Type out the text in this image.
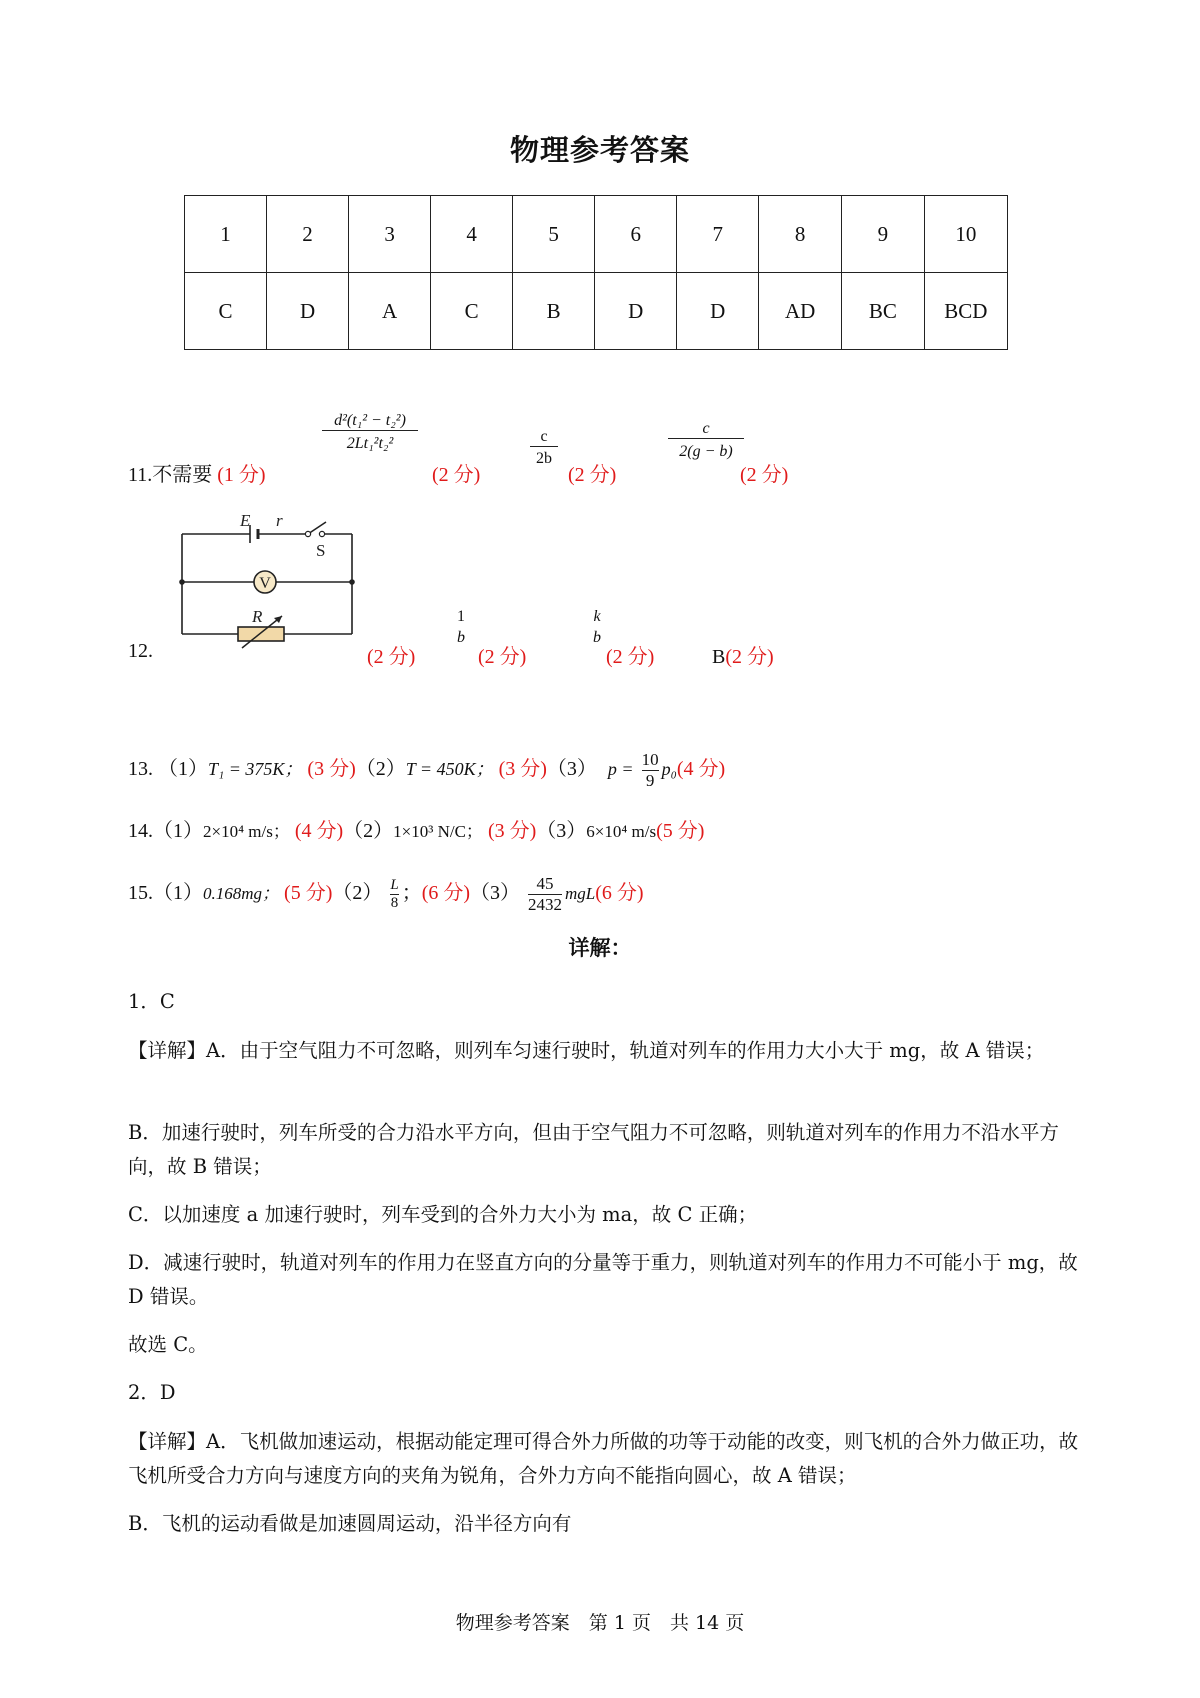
物理参考答案
1	2	3	4	5	6	7	8	9	10
C	D	A	C	B	D	D	AD	BC	BCD
11.不需要 (1 分)
$\frac{\text{d²(t₁² − t₂²)}}{\text{2Lt₁²t₂²}}$
(2 分)
$\frac{c}{2b}$
(2 分)
$\frac{c}{2(g - b)}$
(2 分)
12.
E r
S
V
R
(2 分)
1
b
(2 分)
k
b
(2 分)	B(2 分)
13. （1）T₁ = 375K； (3 分)（2）T = 450K； (3 分)（3） $p = \frac{10}{9} p_0(4$ 分)
14.（1）2×10⁴ m/s； (4 分)（2）1×10³ N/C； (3 分)（3）6×10⁴ m/s(5 分)
15.（1）0.168mg； (5 分)$(2) \frac{L}{8}$ ；(6 分)$(3) \frac{45}{2432} mgL(6$ 分)
详解：
1．C
【详解】A．由于空气阻力不可忽略，则列车匀速行驶时，轨道对列车的作用力大小大于 mg，故 A 错误；
B．加速行驶时，列车所受的合力沿水平方向，但由于空气阻力不可忽略，则轨道对列车的作用力不沿水平方向，故 B 错误；
C．以加速度 a 加速行驶时，列车受到的合外力大小为 ma，故 C 正确；
D．减速行驶时，轨道对列车的作用力在竖直方向的分量等于重力，则轨道对列车的作用力不可能小于 mg，故 D 错误。
故选 C。
2．D
【详解】A．飞机做加速运动，根据动能定理可得合外力所做的功等于动能的改变，则飞机的合外力做正功，故飞机所受合力方向与速度方向的夹角为锐角，合外力方向不能指向圆心，故 A 错误；
B．飞机的运动看做是加速圆周运动，沿半径方向有
物理参考答案　第 1 页　共 14 页
